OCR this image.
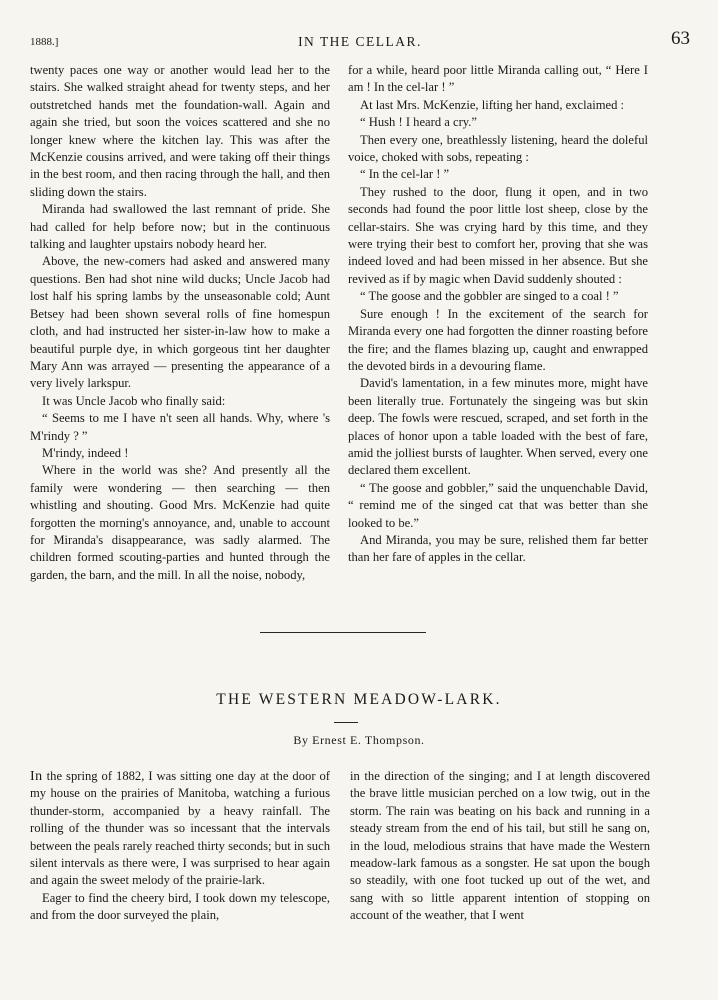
1888.]	IN THE CELLAR.	63

twenty paces one way or another would lead her to the stairs. She walked straight ahead for twenty steps, and her outstretched hands met the foundation-wall. Again and again she tried, but soon the voices scattered and she no longer knew where the kitchen lay. This was after the McKenzie cousins arrived, and were taking off their things in the best room, and then racing through the hall, and then sliding down the stairs.

Miranda had swallowed the last remnant of pride. She had called for help before now; but in the continuous talking and laughter upstairs nobody heard her.

Above, the new-comers had asked and answered many questions. Ben had shot nine wild ducks; Uncle Jacob had lost half his spring lambs by the unseasonable cold; Aunt Betsey had been shown several rolls of fine homespun cloth, and had instructed her sister-in-law how to make a beautiful purple dye, in which gorgeous tint her daughter Mary Ann was arrayed — presenting the appearance of a very lively larkspur.

It was Uncle Jacob who finally said:

“ Seems to me I have n't seen all hands. Why, where 's M'rindy ? ”

M'rindy, indeed !

Where in the world was she? And presently all the family were wondering — then searching — then whistling and shouting. Good Mrs. McKenzie had quite forgotten the morning's annoyance, and, unable to account for Miranda's disappearance, was sadly alarmed. The children formed scouting-parties and hunted through the garden, the barn, and the mill. In all the noise, nobody,

for a while, heard poor little Miranda calling out, “ Here I am ! In the cel-lar ! ”

At last Mrs. McKenzie, lifting her hand, exclaimed :

“ Hush ! I heard a cry.”

Then every one, breathlessly listening, heard the doleful voice, choked with sobs, repeating :

“ In the cel-lar ! ”

They rushed to the door, flung it open, and in two seconds had found the poor little lost sheep, close by the cellar-stairs. She was crying hard by this time, and they were trying their best to comfort her, proving that she was indeed loved and had been missed in her absence. But she revived as if by magic when David suddenly shouted :

“ The goose and the gobbler are singed to a coal ! ”

Sure enough ! In the excitement of the search for Miranda every one had forgotten the dinner roasting before the fire; and the flames blazing up, caught and enwrapped the devoted birds in a devouring flame.

David's lamentation, in a few minutes more, might have been literally true. Fortunately the singeing was but skin deep. The fowls were rescued, scraped, and set forth in the places of honor upon a table loaded with the best of fare, amid the jolliest bursts of laughter. When served, every one declared them excellent.

“ The goose and gobbler,” said the unquenchable David, “ remind me of the singed cat that was better than she looked to be.”

And Miranda, you may be sure, relished them far better than her fare of apples in the cellar.

THE WESTERN MEADOW-LARK.
By Ernest E. Thompson.

In the spring of 1882, I was sitting one day at the door of my house on the prairies of Manitoba, watching a furious thunder-storm, accompanied by a heavy rainfall. The rolling of the thunder was so incessant that the intervals between the peals rarely reached thirty seconds; but in such silent intervals as there were, I was surprised to hear again and again the sweet melody of the prairie-lark.

Eager to find the cheery bird, I took down my telescope, and from the door surveyed the plain,

in the direction of the singing; and I at length discovered the brave little musician perched on a low twig, out in the storm. The rain was beating on his back and running in a steady stream from the end of his tail, but still he sang on, in the loud, melodious strains that have made the Western meadow-lark famous as a songster. He sat upon the bough so steadily, with one foot tucked up out of the wet, and sang with so little apparent intention of stopping on account of the weather, that I went
